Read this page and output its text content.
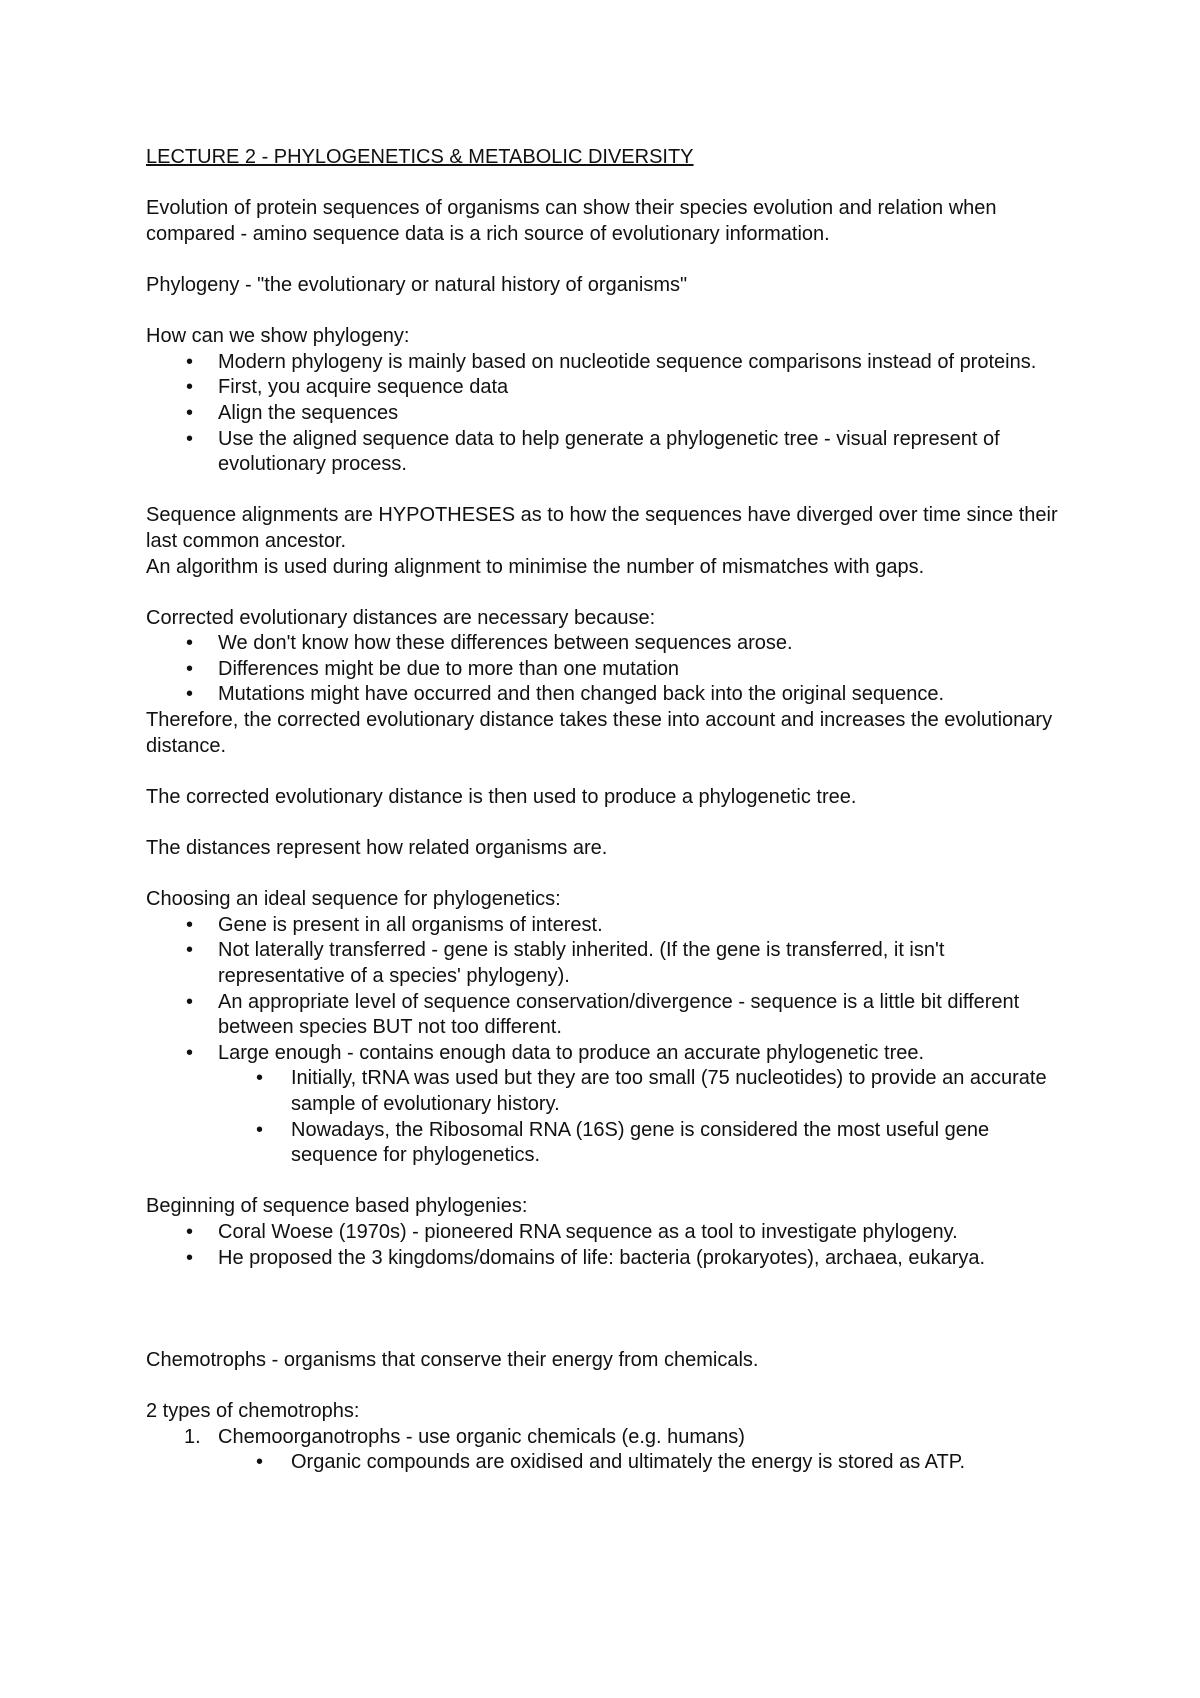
LECTURE 2 - PHYLOGENETICS & METABOLIC DIVERSITY

Evolution of protein sequences of organisms can show their species evolution and relation when compared - amino sequence data is a rich source of evolutionary information.

Phylogeny - "the evolutionary or natural history of organisms"

How can we show phylogeny:

• Modern phylogeny is mainly based on nucleotide sequence comparisons instead of proteins.
• First, you acquire sequence data
• Align the sequences
• Use the aligned sequence data to help generate a phylogenetic tree - visual represent of evolutionary process.

Sequence alignments are HYPOTHESES as to how the sequences have diverged over time since their last common ancestor.

An algorithm is used during alignment to minimise the number of mismatches with gaps.

Corrected evolutionary distances are necessary because:

• We don't know how these differences between sequences arose.
• Differences might be due to more than one mutation
• Mutations might have occurred and then changed back into the original sequence.

Therefore, the corrected evolutionary distance takes these into account and increases the evolutionary distance.

The corrected evolutionary distance is then used to produce a phylogenetic tree.

The distances represent how related organisms are.

Choosing an ideal sequence for phylogenetics:

• Gene is present in all organisms of interest.
• Not laterally transferred - gene is stably inherited. (If the gene is transferred, it isn't representative of a species' phylogeny).
• An appropriate level of sequence conservation/divergence - sequence is a little bit different between species BUT not too different.
• Large enough - contains enough data to produce an accurate phylogenetic tree.
• Initially, tRNA was used but they are too small (75 nucleotides) to provide an accurate sample of evolutionary history.
• Nowadays, the Ribosomal RNA (16S) gene is considered the most useful gene sequence for phylogenetics.

Beginning of sequence based phylogenies:

• Coral Woese (1970s) - pioneered RNA sequence as a tool to investigate phylogeny.
• He proposed the 3 kingdoms/domains of life: bacteria (prokaryotes), archaea, eukarya.

Chemotrophs - organisms that conserve their energy from chemicals.

2 types of chemotrophs:

1. Chemoorganotrophs - use organic chemicals (e.g. humans)
• Organic compounds are oxidised and ultimately the energy is stored as ATP.
